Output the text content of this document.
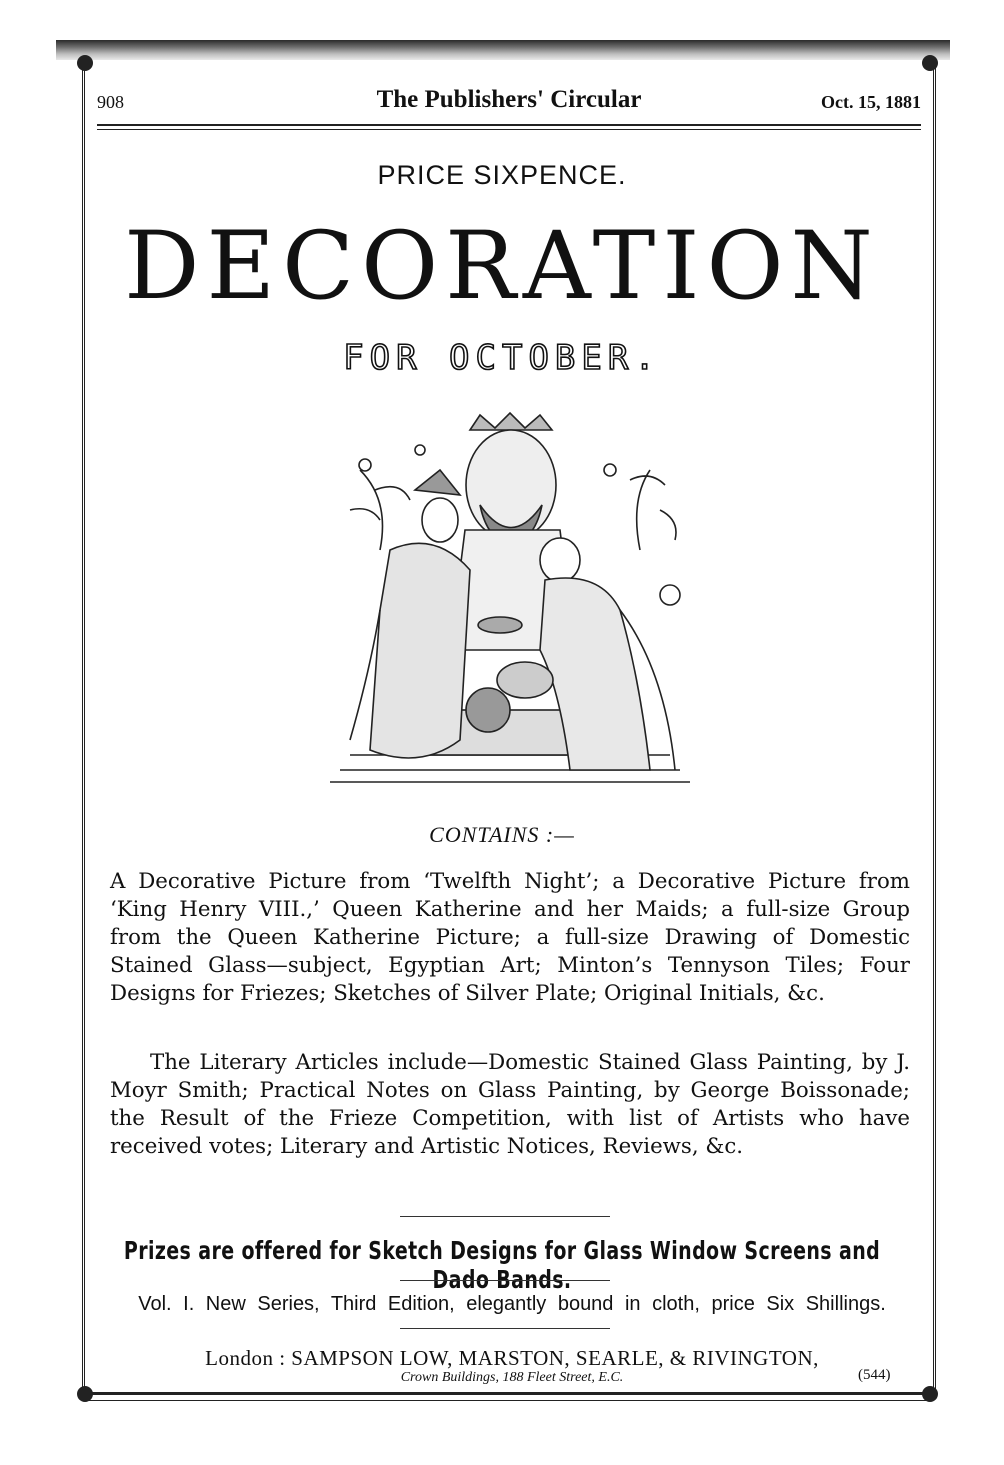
908	The Publishers' Circular	Oct. 15, 1881
PRICE SIXPENCE.
DECORATION
FOR OCTOBER.
CONTAINS :—

A Decorative Picture from ‘Twelfth Night’; a Decorative Picture from ‘King Henry VIII.,’ Queen Katherine and her Maids; a full-size Group from the Queen Katherine Picture; a full-size Drawing of Domestic Stained Glass—subject, Egyptian Art; Minton’s Tennyson Tiles; Four Designs for Friezes; Sketches of Silver Plate; Original Initials, &c.

The Literary Articles include—Domestic Stained Glass Painting, by J. Moyr Smith; Practical Notes on Glass Painting, by George Boissonade; the Result of the Frieze Competition, with list of Artists who have received votes; Literary and Artistic Notices, Reviews, &c.

Prizes are offered for Sketch Designs for Glass Window Screens and Dado Bands.
Vol. I. New Series, Third Edition, elegantly bound in cloth, price Six Shillings.
London : SAMPSON LOW, MARSTON, SEARLE, & RIVINGTON,
Crown Buildings, 188 Fleet Street, E.C.	(544)
